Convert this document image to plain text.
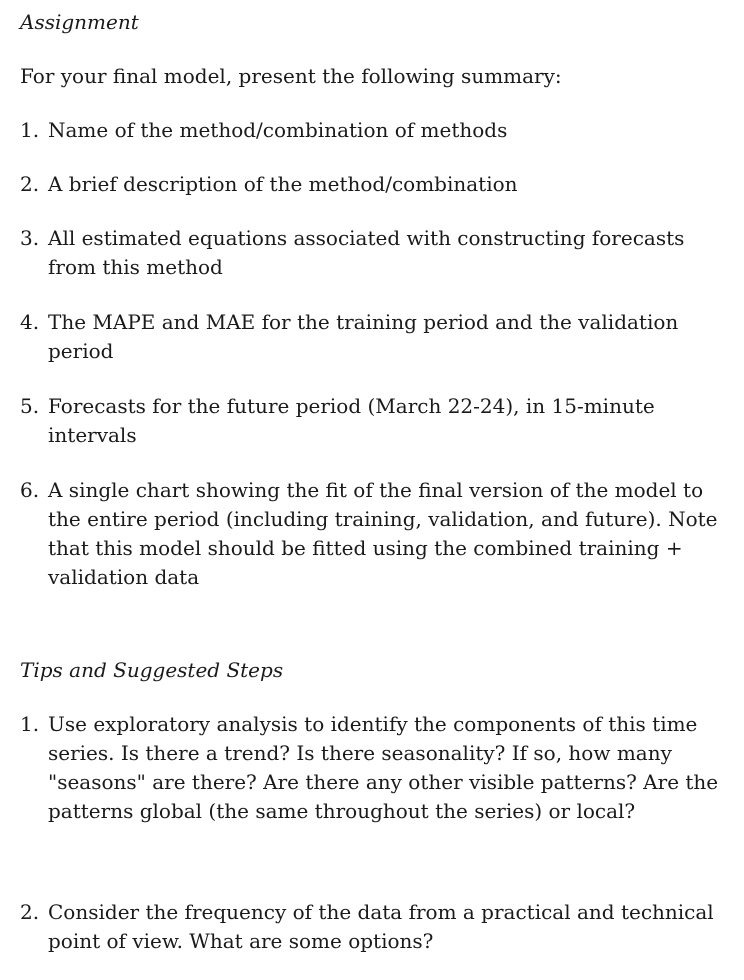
Assignment
For your final model, present the following summary:
1. Name of the method/combination of methods
2. A brief description of the method/combination
3. All estimated equations associated with constructing forecasts from this method
4. The MAPE and MAE for the training period and the validation period
5. Forecasts for the future period (March 22-24), in 15-minute intervals
6. A single chart showing the fit of the final version of the model to the entire period (including training, validation, and future). Note that this model should be fitted using the combined training + validation data
Tips and Suggested Steps
1. Use exploratory analysis to identify the components of this time series. Is there a trend? Is there seasonality? If so, how many "seasons" are there? Are there any other visible patterns? Are the patterns global (the same throughout the series) or local?
2. Consider the frequency of the data from a practical and technical point of view. What are some options?
